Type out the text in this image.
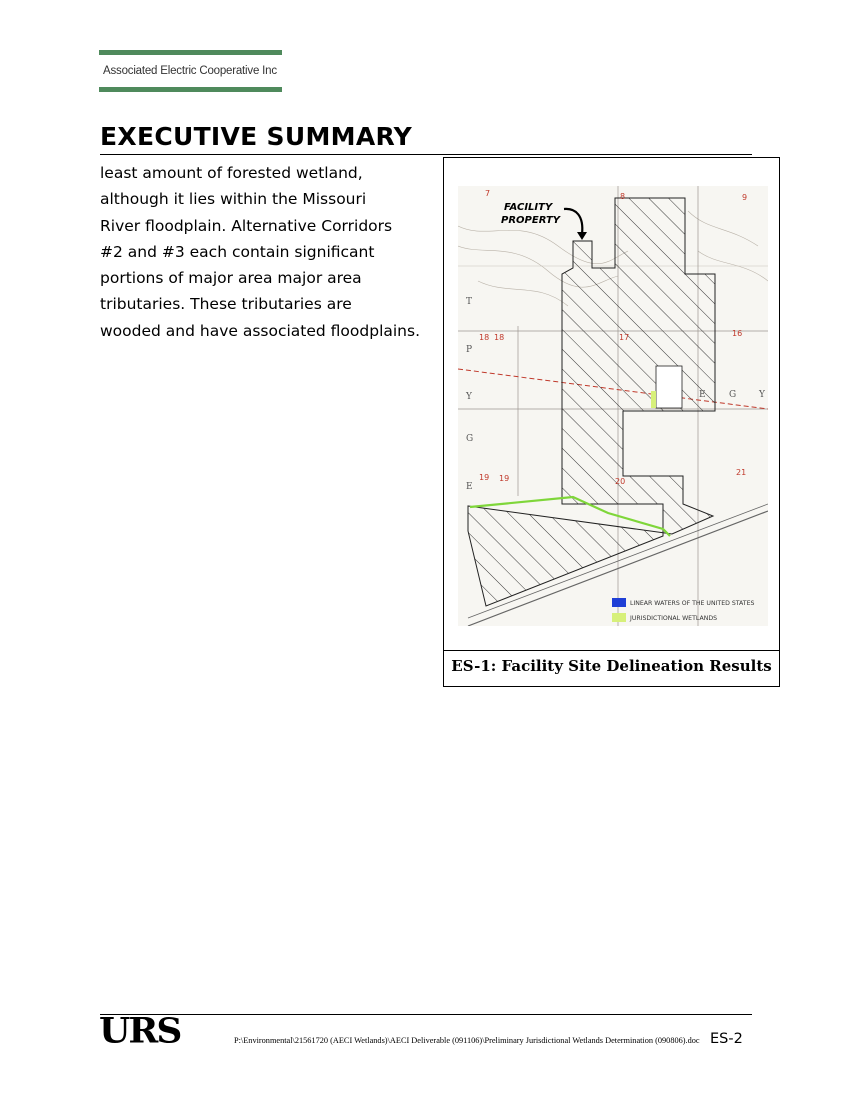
Associated Electric Cooperative Inc
EXECUTIVE SUMMARY
least amount of forested wetland,
although it lies within the Missouri
River floodplain. Alternative Corridors
#2 and #3 each contain significant
portions of major area major area
tributaries. These tributaries are
wooded and have associated floodplains.
7	8	9
18 18	17	16
19 19	20
21
T
P
Y
G
E
E	G	Y
FACILITY
PROPERTY
LINEAR WATERS OF THE UNITED STATES
JURISDICTIONAL WETLANDS
ES-1: Facility Site Delineation Results
URS	P:\Environmental\21561720 (AECI Wetlands)\AECI Deliverable (091106)\Preliminary Jurisdictional Wetlands Determination (090806).doc ES-2
